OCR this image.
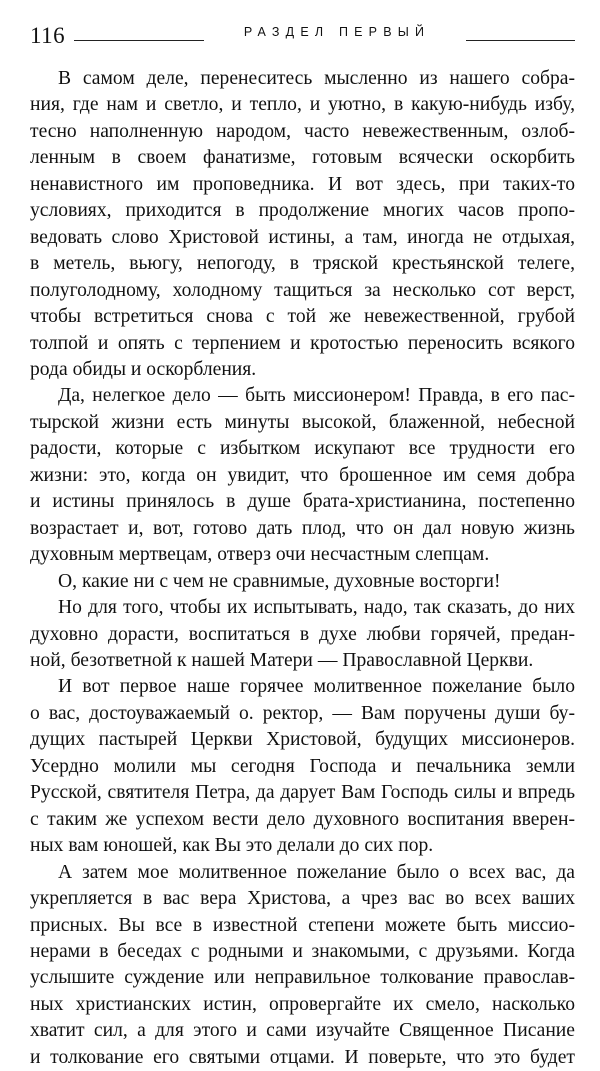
116	РАЗДЕЛ ПЕРВЫЙ

В самом деле, перенеситесь мысленно из нашего собра-
ния, где нам и светло, и тепло, и уютно, в какую-нибудь избу,
тесно наполненную народом, часто невежественным, озлоб-
ленным в своем фанатизме, готовым всячески оскорбить
ненавистного им проповедника. И вот здесь, при таких-то
условиях, приходится в продолжение многих часов пропо-
ведовать слово Христовой истины, а там, иногда не отдыхая,
в метель, вьюгу, непогоду, в тряской крестьянской телеге,
полуголодному, холодному тащиться за несколько сот верст,
чтобы встретиться снова с той же невежественной, грубой
толпой и опять с терпением и кротостью переносить всякого
рода обиды и оскорбления.

Да, нелегкое дело — быть миссионером! Правда, в его пас-
тырской жизни есть минуты высокой, блаженной, небесной
радости, которые с избытком искупают все трудности его
жизни: это, когда он увидит, что брошенное им семя добра
и истины принялось в душе брата-христианина, постепенно
возрастает и, вот, готово дать плод, что он дал новую жизнь
духовным мертвецам, отверз очи несчастным слепцам.

О, какие ни с чем не сравнимые, духовные восторги!

Но для того, чтобы их испытывать, надо, так сказать, до них
духовно дорасти, воспитаться в духе любви горячей, предан-
ной, безответной к нашей Матери — Православной Церкви.

И вот первое наше горячее молитвенное пожелание было
о вас, достоуважаемый о. ректор, — Вам поручены души бу-
дущих пастырей Церкви Христовой, будущих миссионеров.
Усердно молили мы сегодня Господа и печальника земли
Русской, святителя Петра, да дарует Вам Господь силы и впредь
с таким же успехом вести дело духовного воспитания вверен-
ных вам юношей, как Вы это делали до сих пор.

А затем мое молитвенное пожелание было о всех вас, да
укрепляется в вас вера Христова, а чрез вас во всех ваших
присных. Вы все в известной степени можете быть миссио-
нерами в беседах с родными и знакомыми, с друзьями. Когда
услышите суждение или неправильное толкование православ-
ных христианских истин, опровергайте их смело, насколько
хватит сил, а для этого и сами изучайте Священное Писание
и толкование его святыми отцами. И поверьте, что это будет
